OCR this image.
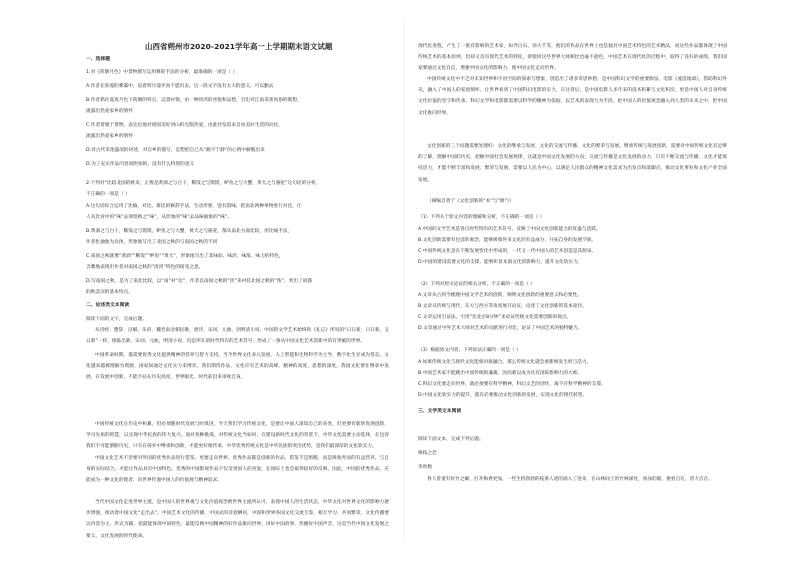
山西省朔州市2020-2021学年高一上学期期末语文试题
一、选择题
1.对《荷塘月色》中景物描写运用修辞手法的分析，最准确的一项是（ ）
A.作者在弥漫的雾霭中，追着明月漫步而不愿归去，这一段文字没有太大的意义，可以删去
B.作者抓住夏夜月色下荷塘的特点，以景衬情，由一种淡淡的喜悦和哀愁，引出对江南采莲风俗的联想，
流露出热爱家乡的情怀
C.作者着眼于景物，表达出他对祖国美好河山的无限热爱，由此抒发追求自由美好生活的向往，
流露出热爱家乡的情怀
D.对古代采莲盛况的讲述，对自乡的描写，是想把自己从“颇不宁静”的心情中解脱出来
D.为了充实作品内容而附加的，没有什么特别的意义
2.下列对“比较北国的秋来，正像是黄酒之与白干，稀饭之与馍馍，鲈鱼之与大蟹，黄犬之与骆驼”这句话的分析，
不正确的一项是（ ）
A.这句话综合运用了比喻、对比、排比的修辞手法，生动形象，饶有韵味，把南北两种事物进行对比，让
人从饮食中的“味”去领悟秋之“味”，从形象的“味”去品味抽象的“味”。
B.黄酒之与白干，稀饭之与馍馍，鲈鱼之与大蟹，黄犬之与骆驼，都从南北方面比较，用比喻手法，
作者化抽象为具体，形象地写出了北国之秋的与南国之秋的不同
C.南国之秋就像“黄酒”“稀饭”“鲈鱼”“黄犬”，形象地写出了其味如、味淡、味浓、味力的特色，
含蓄地表现出作者对南国之秋的“清淡”特色的接受之意。
D.写南国之秋，是为了南北比较，以“南”衬“北”，作者以南国之秋的“淡”来衬托北国之秋的“浓”，突出了故都
的秋悲凉的基本特点。
二、论述类文本阅读
阅读下面的文字，完成后题。
从诗经、楚辞、汉赋、乐府、魏晋南北朝民歌、唐诗、宋词、元曲，到明清小说，中国的文学艺术始终和《礼记》所说的“日日新，日日新，又日新”一样，推陈出新、宋词、元曲，明清小说，均是所在的时代特有的艺术符号，形成了一条从中国文化艺术创新中的有突破的世界。
中国革命时期，都需要优秀文化提供精神的营养与智力支持。当今世界文化多元发展，人工智能和生物科学为主导，数字化生存成为常态，文化越来越被理解为资源，国家间通过文化实力来博弈。我们期待作品，文化应有艺术的高峰、精神的高度、思想的深度，我国文化要在继承中发展，在发展中创新，不能不站在历史高度、世界眼光、时代前沿来审视自身。
中国传统文化在历史中积累，但必须随时代发展与时俱进，今天我们学习传统文化，是要让中国人深知自己的来处，但更要有新的发展创新，学习先祖的智慧，以实现中华民族的伟大复兴。面对各种挑战，对传统文化当如何，在建设新时代文化的背景下，中华文化需要主动选择，在包容
我们不可能割断历史，只有在扬弃中继承和创新，才能更好地传承，中华优秀传统文化是中华民族的突出优势，是我们最深厚的文化软实力。
中国文化艺术不但要对外国的优秀作品进行借鉴，更要走向世界。优秀作品都是创新的作品，借鉴不是照搬，而是吸收外国的有益营养，与自身的实际结合，才能让作品具有中国特色。优秀的中国影视作品不仅受到国人的喜爱，在国际上也会取得较好的反响，因此，中国的优秀作品，应能成为一种文化的使者，向世界传递中国人的价值观与精神追求。
当代中国文化走进世界主流，是中国人的世界观与文化价值观念被世界主流所认可，表现中国人的生活状态，中华文化对世界文化的影响力逐步增强，推动着中国文化“走出去”，中国艺术文化的传播、中国式的诗意栖居，中国和世界各国文化交流互鉴、相互学习、共同繁荣，文化传播要以内容为主、形式为辅，把最能体现中国特色、最能反映中国精神的好作品推向世界，讲好中国故事，传播好中国声音，这是当代中国文化发展之要义，文化发展的时代使命。
现代化进程，产生了一批有影响的艺术家，如齐白石、徐大千等，他们的作品在世界上也是独具中国艺术特色的艺术精品，而这些作品都体现了中国传统艺术的基本原则，但却又具有现代艺术的特征，即使同这些世界大师相比也毫不逊色，中国艺术在现代化的过程中，取得了良好的成绩，我们国家要通过文化自信，增强中国文化的影响力，使中国文化走向世界。
中国传统文化中不乏对未知世界和宇宙空间的探索与想象，创造出了诸多奇思妙想，是中国科幻文学的重要源泉。电影《流浪地球》，借助科幻外壳，融入了中国人的家国情怀，让世界看到了中国科幻电影的实力，在这背后，是中国电影人多年来的技术积累与文化积淀，更是中国人对自身传统文化价值的坚守和传承。科幻文学和电影都需要以科学的精神为依据，以艺术的表现力为手段，把中国人的价值观念融入到人类的未来之中，把中国文化推向世界。
文化创新的三个问题需要处理好：文化的继承与发展、文化的交流与传播、文化的繁荣与发展。继承传统与发展创新，需要对中国传统文化有足够的了解，理解中国的历史，把握中国社会发展规律，这就是中国文化发展的方向；交流与传播是文化发展的动力，只有不断交流与传播，文化才能保持活力，才能不断丰富和发展；繁荣与发展，需要以人民为中心，以满足人民群众的精神文化需求为出发点和落脚点，推动文化事业和文化产业全面发展。
（摘编自曾宁《文化创新的“本”与“源”》）
（1）下列关于原文内容的理解和分析，不正确的一项是（ ）
A.中国的文学艺术是各自时代特有的艺术符号，反映了中国文化创新能力的旺盛与活跃。
B.文化创新需要有包容的观念，能够吸收外来文化的有益成分，开拓自身的发展空间。
C.中国传统文化是在不断发展变化中形成的，一代又一代中国人的艺术创造是其源泉。
D.中国的建设需要文化的支撑，能够彰显本国文化的影响力，提升文化软实力。
（2）下列对原文论证的相关分析，不正确的一项是（ ）
A.文章从古到今梳理中国文学艺术的创新，阐明文化创新的重要意义和必要性。
B.文章从传统与现代、东方与西方等角度展开论证，论述了文化创新的基本途径。
C.文章运用引证法，引用“比北京8分钟”来论证传统文化需要创新的观点。
D.文章通过中外艺术大师对艺术的贡献进行对比，论证了中国艺术的独特魅力。
（3）根据原文内容，下列说法正确的一项是（ ）
A.如果传统文化与现代文化能相对接融合，那么传统文化就会重新焕发生机与活力。
B.中国艺术家不能跳出中国传统的藩篱，因而难以成为具有国际影响力的大师。
C.科幻文化要走向世界，就必须要有科学精神，科幻文艺的创作，离不开科学精神的支撑。
D.中国文化软实力的提升，就有必要推动文化创新的发展，实现文化的现代转型。
三、文学类文本阅读
阅读下面文本，完成下列后题。
梅枝之恋
米幼数
春人曾道有好竹之癖，打开梅香更加，一些生机勃勃的枝条人迹的涌入了进来，在山林间上的竹林深处，放泳的眼，便看自在，清大自在。
